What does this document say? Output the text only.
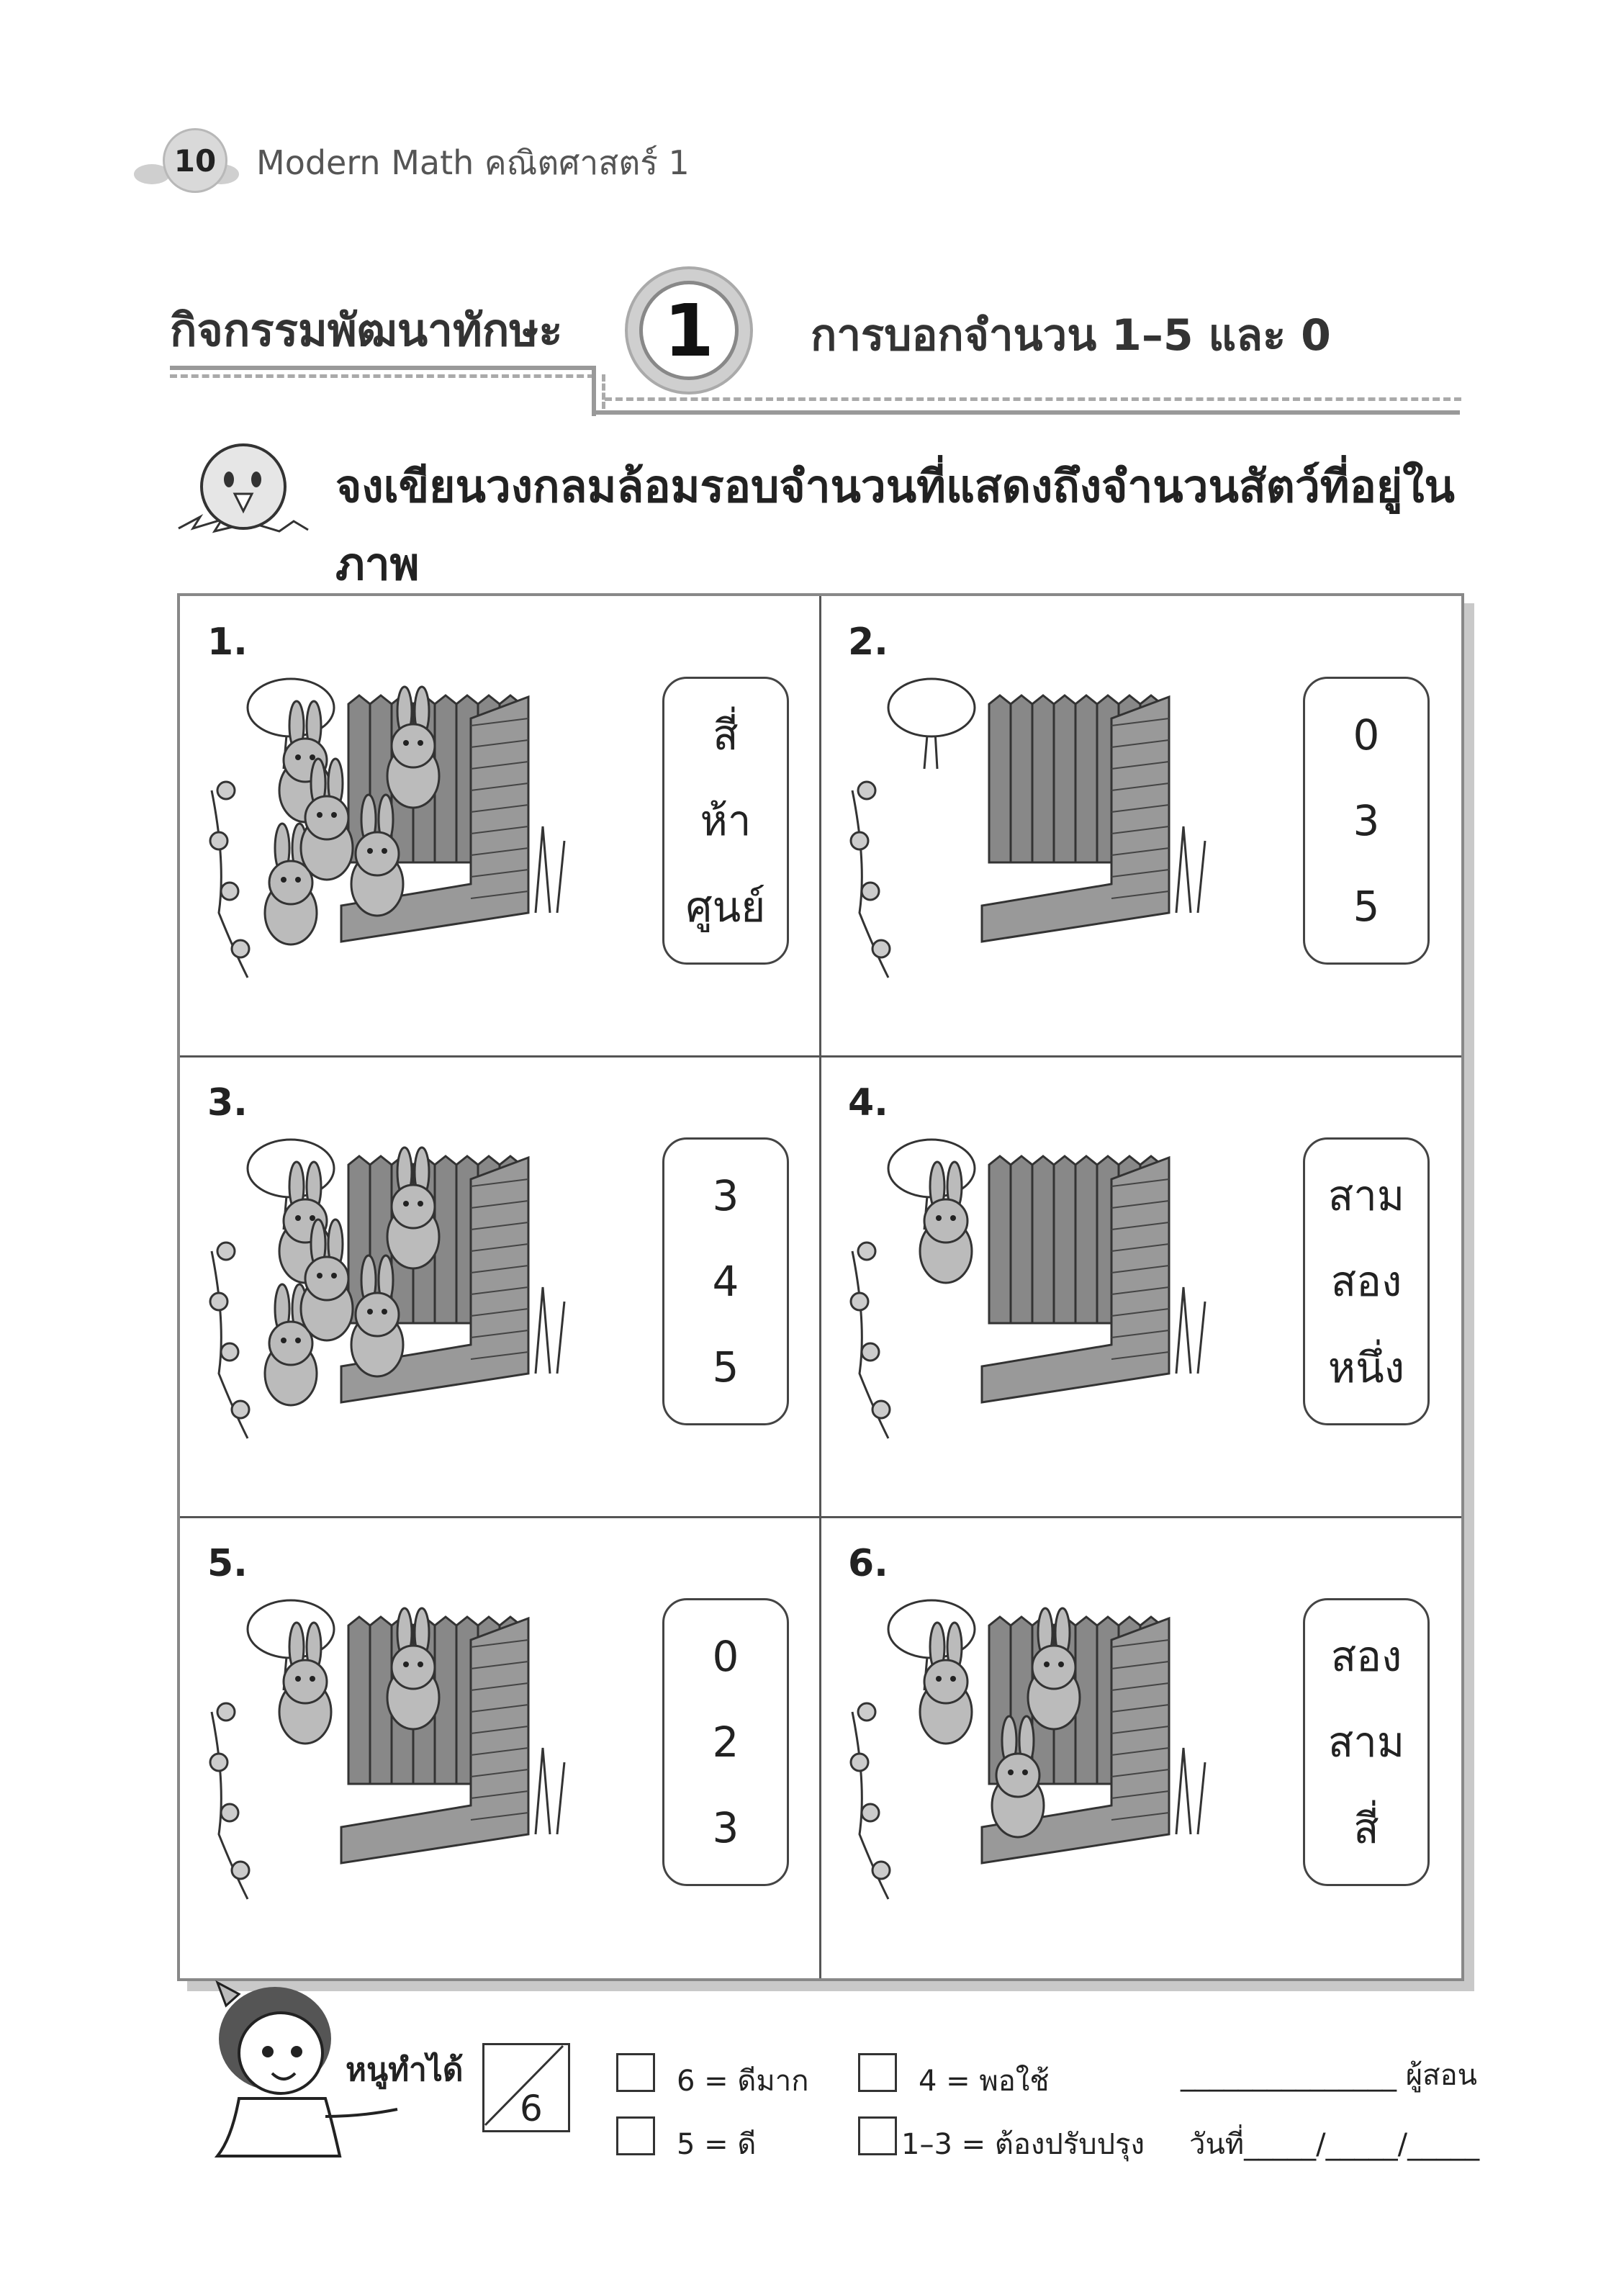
10	Modern Math คณิตศาสตร์ 1
กิจกรรมพัฒนาทักษะ	1	การบอกจำนวน 1–5 และ 0
จงเขียนวงกลมล้อมรอบจำนวนที่แสดงถึงจำนวนสัตว์ที่อยู่ใน ภาพ
1.
สี่
ห้า
ศูนย์
2.
0
3
5
3.
3
4
5
4.
สาม
สอง
หนึ่ง
5.
0
2
3
6.
สอง
สาม
สี่
หนูทำได้
6
6 = ดีมาก	4 = พอใช้
5 = ดี	1–3 = ต้องปรับปรุง
_______________ ผู้สอน
วันที่_____/_____/_____
